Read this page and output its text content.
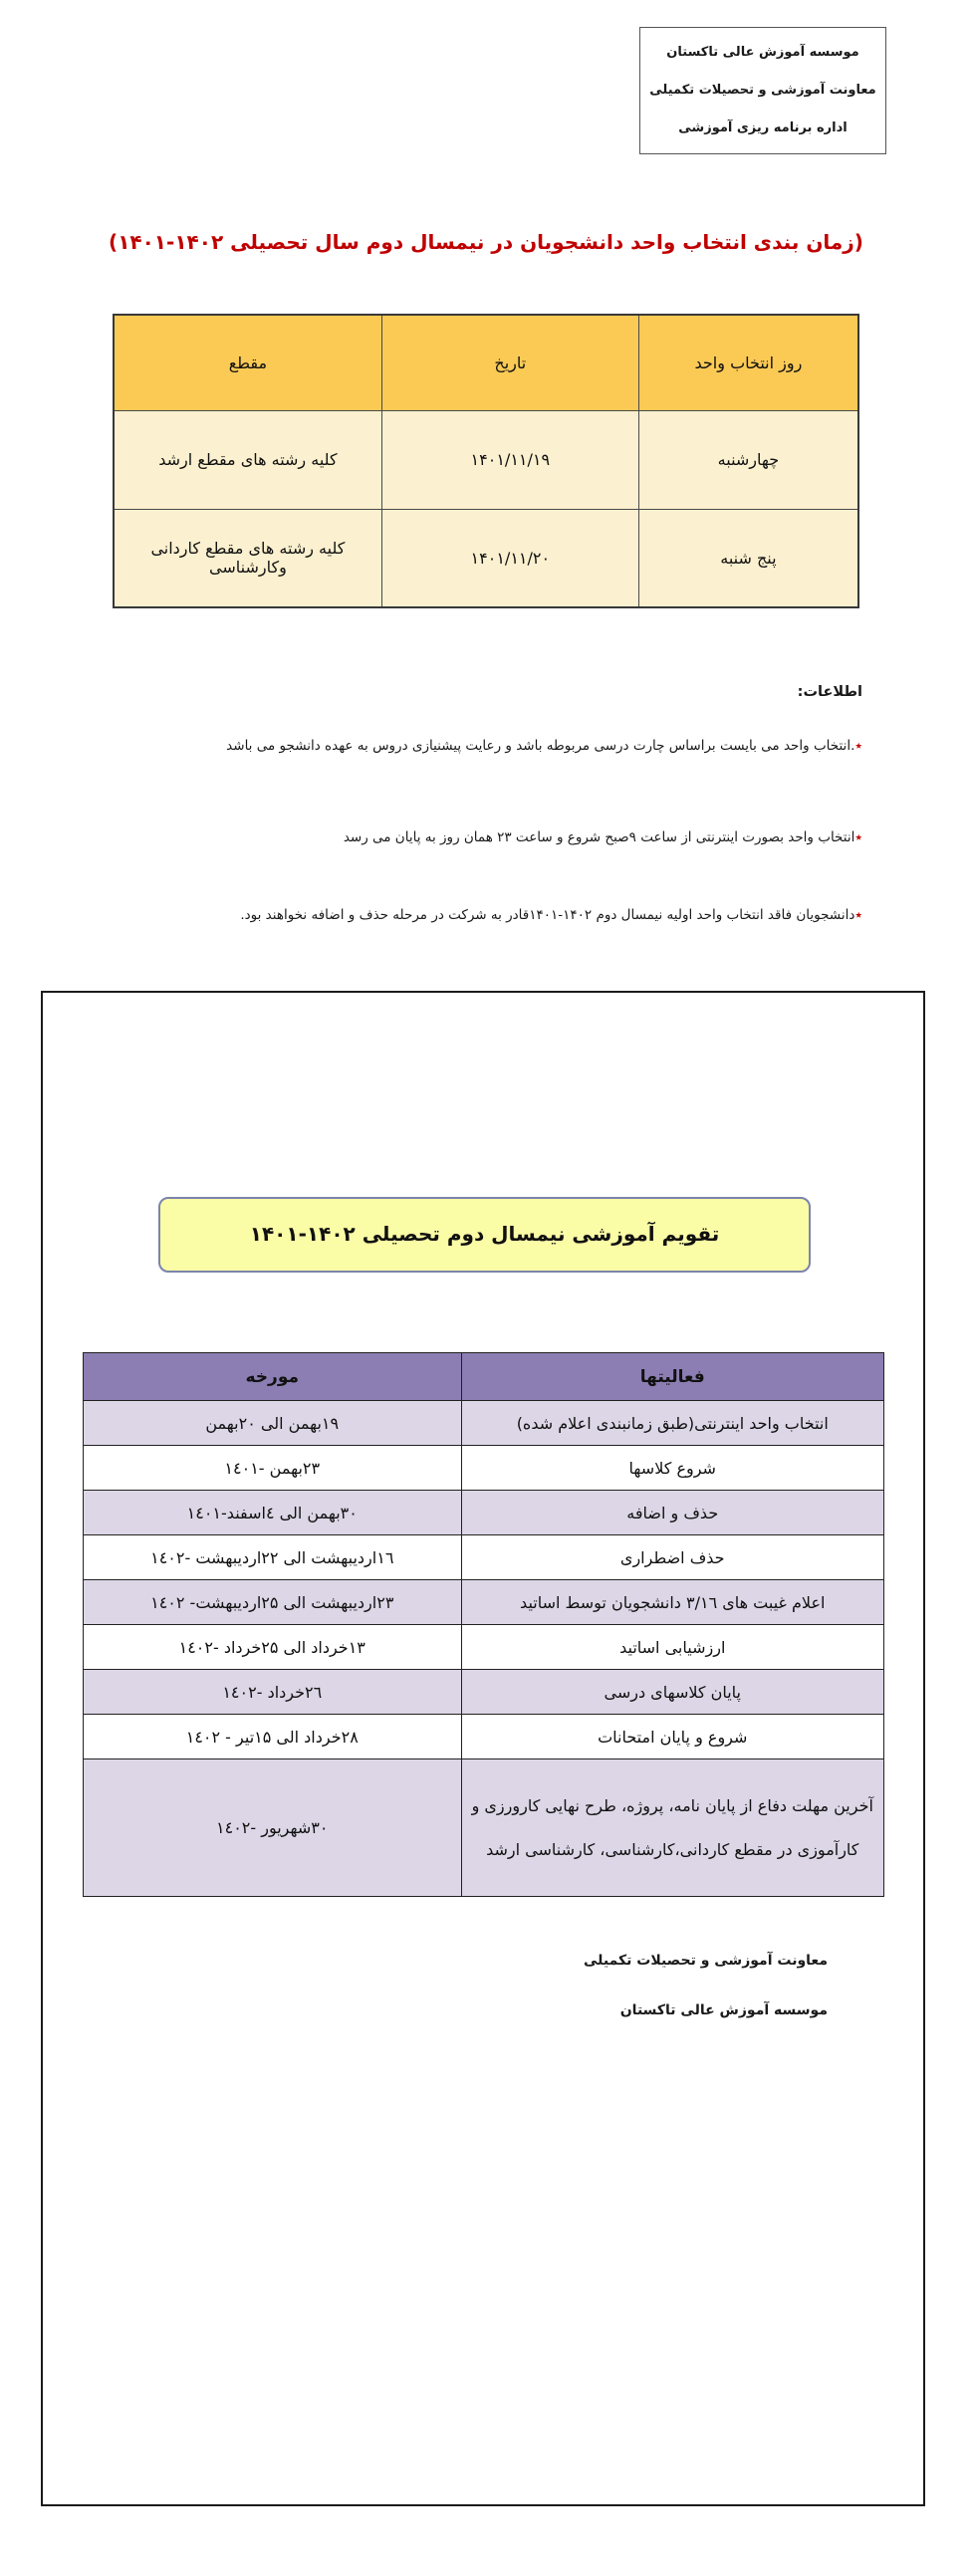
موسسه آموزش عالی تاکستان

معاونت آموزشی و تحصیلات تکمیلی

اداره برنامه ریزی آموزشی

(زمان بندی انتخاب واحد دانشجویان در نیمسال دوم سال تحصیلی ۱۴۰۲-۱۴۰۱)
روز انتخاب واحد	تاریخ	مقطع
چهارشنبه	۱۴۰۱/۱۱/۱۹	کلیه رشته های مقطع ارشد
پنج شنبه	۱۴۰۱/۱۱/۲۰	کلیه رشته های مقطع کاردانی وکارشناسی

اطلاعات:

٭.انتخاب واحد می بایست براساس چارت درسی مربوطه باشد و رعایت پیشنیازی دروس به عهده دانشجو می باشد

٭انتخاب واحد بصورت اینترنتی از ساعت ۹صبح شروع و ساعت ۲۳ همان روز به پایان می رسد

٭دانشجویان فاقد انتخاب واحد اولیه نیمسال دوم ۱۴۰۲-۱۴۰۱قادر به شرکت در مرحله حذف و اضافه نخواهند بود.

تقویم آموزشی نیمسال دوم تحصیلی ۱۴۰۲-۱۴۰۱
فعالیتها	مورخه
انتخاب واحد اینترنتی(طبق زمانبندی اعلام شده)	۱۹بهمن الی ۲۰بهمن
شروع کلاسها	۲۳بهمن -۱٤۰۱
حذف و اضافه	۳۰بهمن الی ٤اسفند-۱٤۰۱
حذف اضطراری	۱٦اردیبهشت الی ۲۲اردیبهشت -۱٤۰۲
اعلام غیبت های ۳/۱٦ دانشجویان توسط اساتید	۲۳اردیبهشت الی ۲۵اردیبهشت- ۱٤۰۲
ارزشیابی اساتید	۱۳خرداد الی ۲۵خرداد -۱٤۰۲
پایان کلاسهای درسی	۲٦خرداد -۱٤۰۲
شروع و پایان امتحانات	۲۸خرداد الی ۱۵تیر - ۱٤۰۲
آخرین مهلت دفاع از پایان نامه، پروژه، طرح نهایی کارورزی و کارآموزی در مقطع کاردانی،کارشناسی، کارشناسی ارشد	۳۰شهریور -۱٤۰۲

معاونت آموزشی و تحصیلات تکمیلی

موسسه آموزش عالی تاکستان
